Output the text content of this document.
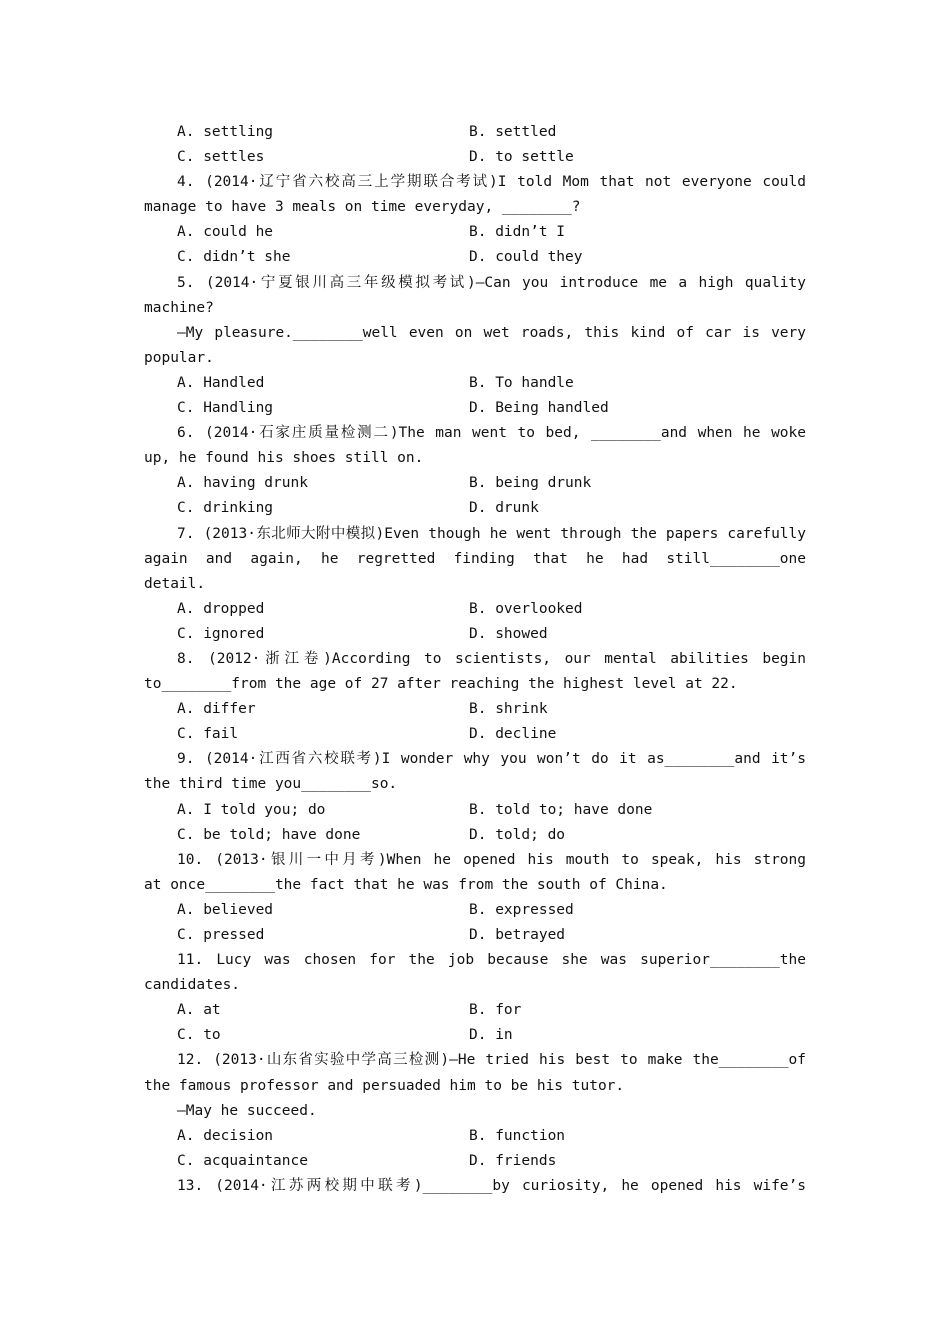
A. settling	B. settled
C. settles	D. to settle
4. (2014·辽宁省六校高三上学期联合考试)I told Mom that not everyone could
manage to have 3 meals on time everyday, ________?
A. could he	B. didn’t I
C. didn’t she	D. could they
5. (2014·宁夏银川高三年级模拟考试)—Can you introduce me a high quality
machine?
—My pleasure.________well even on wet roads, this kind of car is very
popular.
A. Handled	B. To handle
C. Handling	D. Being handled
6. (2014·石家庄质量检测二)The man went to bed, ________and when he woke
up, he found his shoes still on.
A. having drunk	B. being drunk
C. drinking	D. drunk
7. (2013·东北师大附中模拟)Even though he went through the papers carefully
again and again, he regretted finding that he had still________one
detail.
A. dropped	B. overlooked
C. ignored	D. showed
8. (2012·浙江卷)According to scientists, our mental abilities begin
to________from the age of 27 after reaching the highest level at 22.
A. differ	B. shrink
C. fail	D. decline
9. (2014·江西省六校联考)I wonder why you won’t do it as________and it’s
the third time you________so.
A. I told you; do	B. told to; have done
C. be told; have done	D. told; do
10. (2013·银川一中月考)When he opened his mouth to speak, his strong
at once________the fact that he was from the south of China.
A. believed	B. expressed
C. pressed	D. betrayed
11. Lucy was chosen for the job because she was superior________the
candidates.
A. at	B. for
C. to	D. in
12. (2013·山东省实验中学高三检测)—He tried his best to make the________of
the famous professor and persuaded him to be his tutor.
—May he succeed.
A. decision	B. function
C. acquaintance	D. friends
13. (2014·江苏两校期中联考)________by curiosity, he opened his wife’s
